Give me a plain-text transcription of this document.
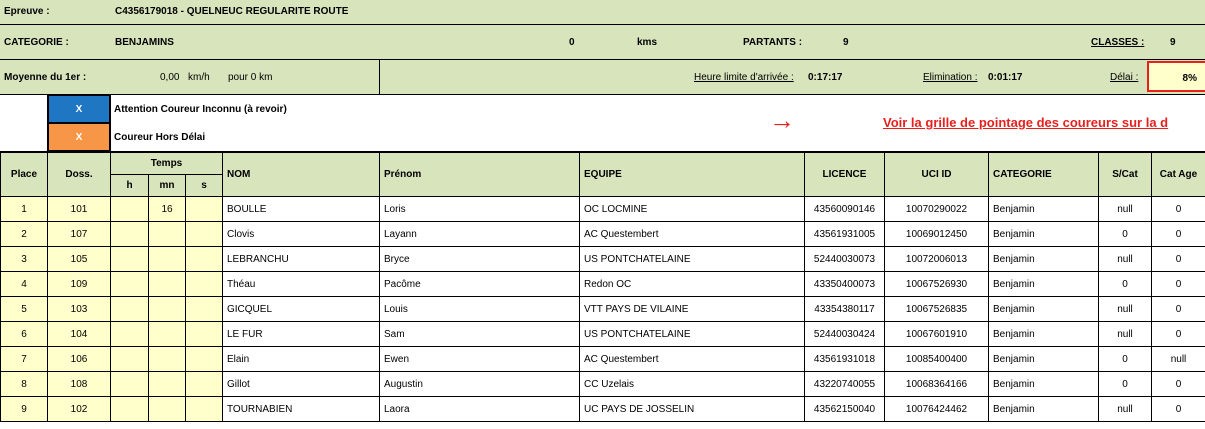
Epreuve :	C4356179018 - QUELNEUC REGULARITE ROUTE
CATEGORIE :	BENJAMINS	0	kms	PARTANTS :	9	CLASSES :	9
Moyenne du 1er :	0,00 km/h pour 0 km	Heure limite d'arrivée : 0:17:17	Elimination : 0:01:17	Délai :	8%
X	Attention Coureur Inconnu (à revoir)
X	Coureur Hors Délai
→	Voir la grille de pointage des coureurs sur la d
Place	Doss.	Temps			NOM	Prénom	EQUIPE	LICENCE	UCI ID	CATEGORIE	S/Cat	Cat Age
		h	mn	s								
1	101		16		BOULLE	Loris	OC LOCMINE	43560090146	10070290022	Benjamin	null	0
2	107				Clovis	Layann	AC Questembert	43561931005	10069012450	Benjamin	0	0
3	105				LEBRANCHU	Bryce	US PONTCHATELAINE	52440030073	10072006013	Benjamin	null	0
4	109				Théau	Pacôme	Redon OC	43350400073	10067526930	Benjamin	0	0
5	103				GICQUEL	Louis	VTT PAYS DE VILAINE	43354380117	10067526835	Benjamin	null	0
6	104				LE FUR	Sam	US PONTCHATELAINE	52440030424	10067601910	Benjamin	null	0
7	106				Elain	Ewen	AC Questembert	43561931018	10085400400	Benjamin	0	null
8	108				Gillot	Augustin	CC Uzelais	43220740055	10068364166	Benjamin	0	0
9	102				TOURNABIEN	Laora	UC PAYS DE JOSSELIN	43562150040	10076424462	Benjamin	null	0
